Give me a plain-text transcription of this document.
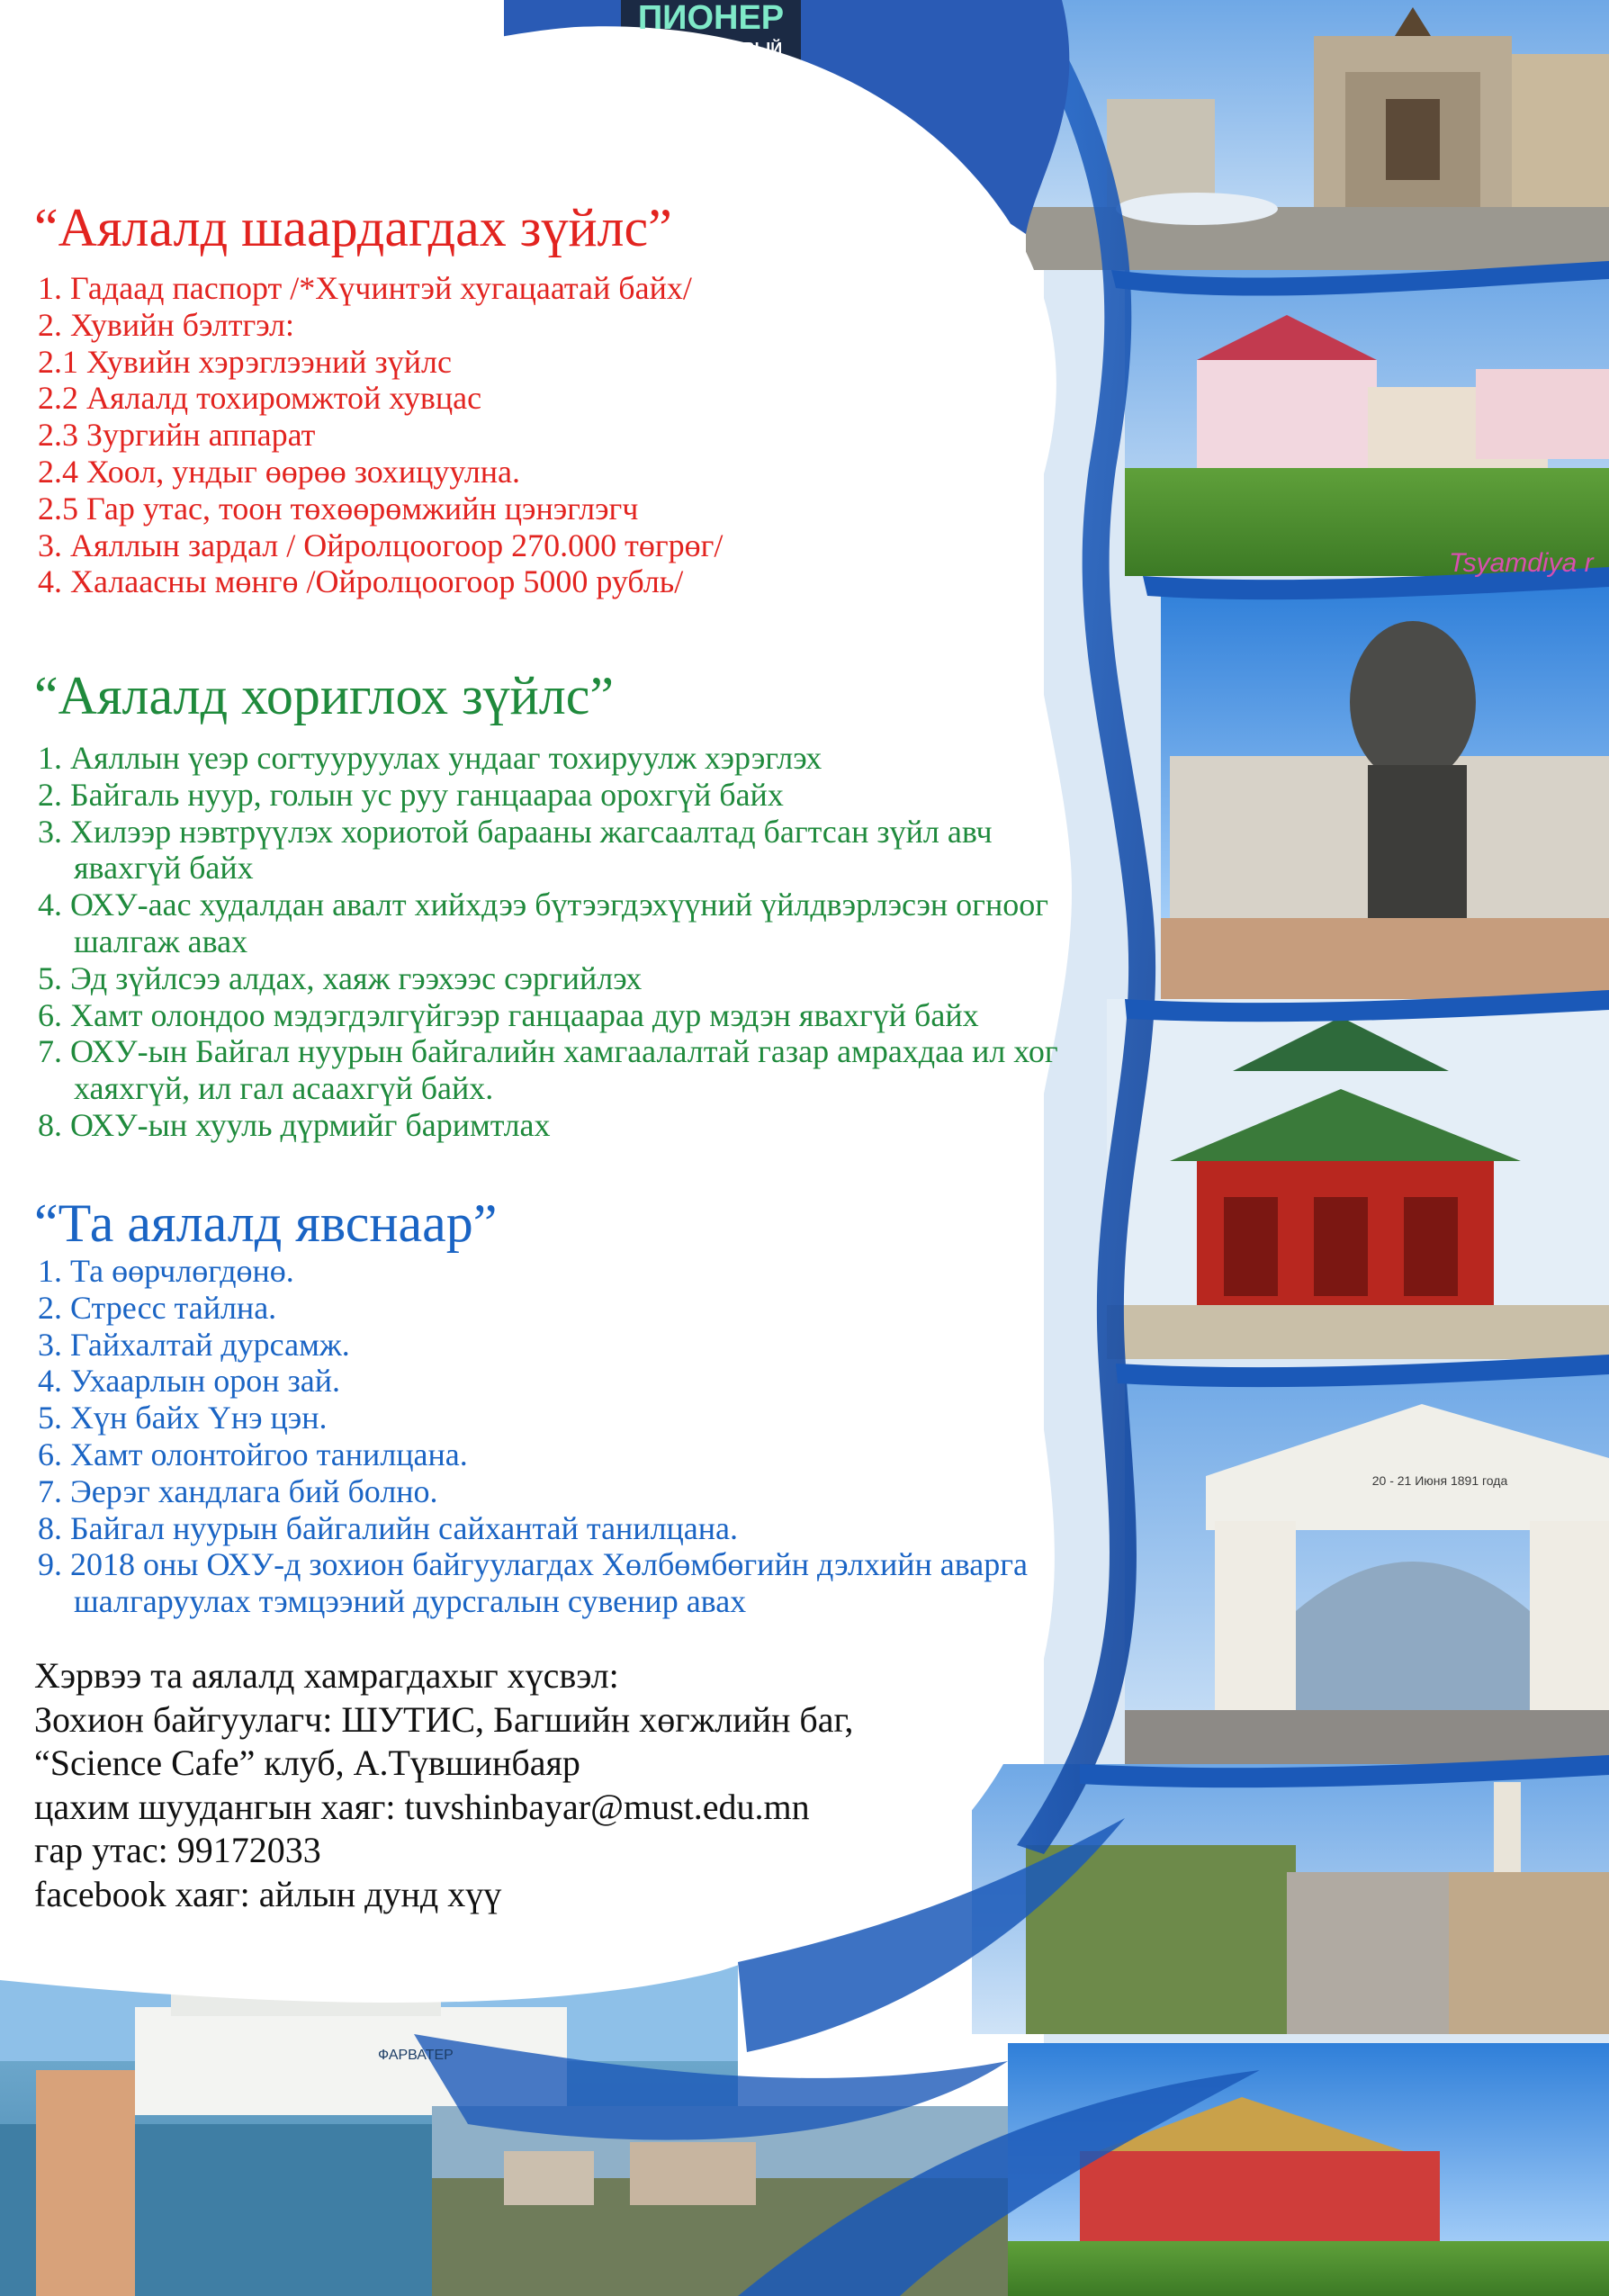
ПИОНЕР
ВСЕГДА ПЕРВЫЙ
ФАРВАТЕР
20 - 21 Июня 1891 года
Tsyamdiya r
“Аялалд шаардагдах зүйлс”
1. Гадаад паспорт /*Хүчинтэй хугацаатай байх/
2. Хувийн бэлтгэл:
2.1 Хувийн хэрэглээний зүйлс
2.2 Аялалд тохиромжтой хувцас
2.3 Зургийн аппарат
2.4 Хоол, ундыг өөрөө зохицуулна.
2.5 Гар утас, тоон төхөөрөмжийн цэнэглэгч
3. Аяллын зардал / Ойролцоогоор 270.000 төгрөг/
4. Халаасны мөнгө /Ойролцоогоор 5000 рубль/
“Аялалд хориглох зүйлс”
1. Аяллын үеэр согтууруулах ундааг тохируулж хэрэглэх
2. Байгаль нуур, голын ус руу ганцаараа орохгүй байх
3. Хилээр нэвтрүүлэх хориотой барааны жагсаалтад багтсан зүйл авч явахгүй байх
4. ОХУ-аас худалдан авалт хийхдээ бүтээгдэхүүний үйлдвэрлэсэн огноог шалгаж авах
5. Эд зүйлсээ алдах, хаяж гээхээс сэргийлэх
6. Хамт олондоо мэдэгдэлгүйгээр ганцаараа дур мэдэн явахгүй байх
7. ОХУ-ын Байгал нуурын байгалийн хамгаалалтай газар амрахдаа ил хог хаяхгүй, ил гал асаахгүй байх.
8. ОХУ-ын хууль дүрмийг баримтлах
“Та аялалд явснаар”
1. Та өөрчлөгдөнө.
2. Стресс тайлна.
3. Гайхалтай дурсамж.
4. Ухаарлын орон зай.
5. Хүн байх Үнэ цэн.
6. Хамт олонтойгоо танилцана.
7. Эерэг хандлага бий болно.
8. Байгал нуурын байгалийн сайхантай танилцана.
9. 2018 оны ОХУ-д зохион байгуулагдах Хөлбөмбөгийн дэлхийн аварга шалгаруулах тэмцээний дурсгалын сувенир авах
Хэрвээ та аялалд хамрагдахыг хүсвэл:
Зохион байгуулагч: ШУТИС, Багшийн хөгжлийн баг,
“Science Cafe” клуб, А.Түвшинбаяр
цахим шуудангын хаяг: tuvshinbayar@must.edu.mn
гар утас: 99172033
facebook хаяг: айлын дунд хүү
